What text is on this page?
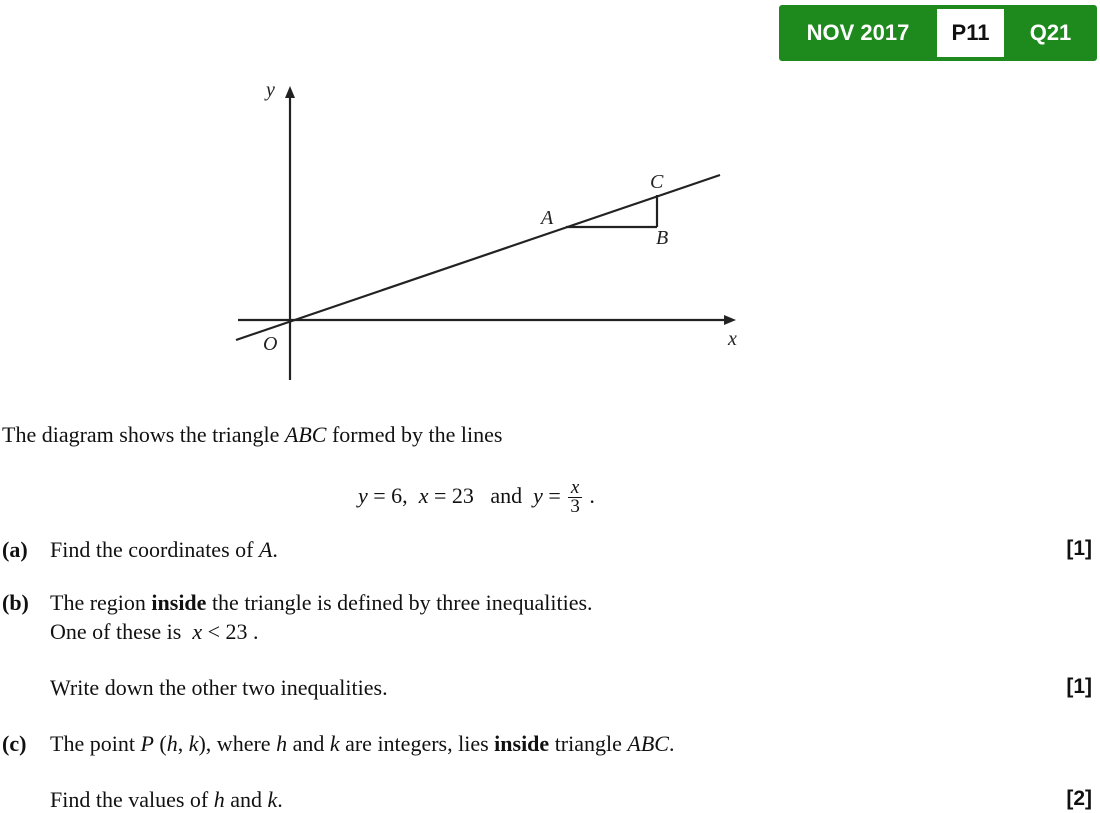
NOV 2017	P11	Q21
y
x
O
A
B
C
The diagram shows the triangle ABC formed by the lines
y = 6, x = 23 and $y = \frac{x}{3}$ .
(a) Find the coordinates of A.	[1]
(b) The region inside the triangle is defined by three inequalities.
One of these is  x < 23 .
Write down the other two inequalities.	[1]
(c) The point P (h, k), where h and k are integers, lies inside triangle ABC.
Find the values of h and k.	[2]
